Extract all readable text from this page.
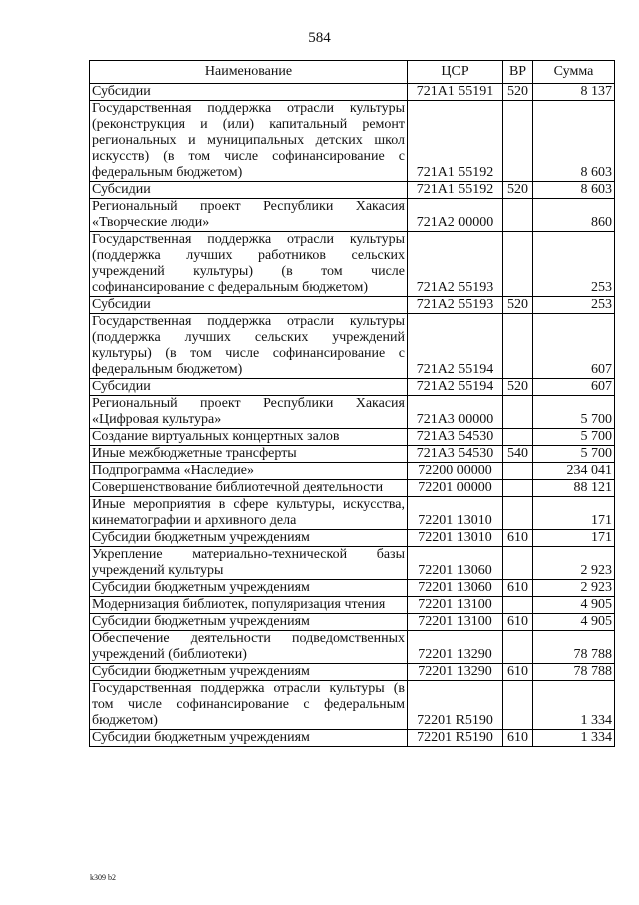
584
Наименование	ЦСР	ВР	Сумма
Субсидии	721A1 55191	520	8 137
Государственная поддержка отрасли культуры (реконструкция и (или) капитальный ремонт региональных и муниципальных детских школ искусств) (в том числе софинансирование с федеральным бюджетом)	721A1 55192		8 603
Субсидии	721A1 55192	520	8 603
Региональный проект Республики Хакасия «Творческие люди»	721A2 00000		860
Государственная поддержка отрасли культуры (поддержка лучших работников сельских учреждений культуры) (в том числе софинансирование с федеральным бюджетом)	721A2 55193		253
Субсидии	721A2 55193	520	253
Государственная поддержка отрасли культуры (поддержка лучших сельских учреждений культуры) (в том числе софинансирование с федеральным бюджетом)	721A2 55194		607
Субсидии	721A2 55194	520	607
Региональный проект Республики Хакасия «Цифровая культура»	721A3 00000		5 700
Создание виртуальных концертных залов	721A3 54530		5 700
Иные межбюджетные трансферты	721A3 54530	540	5 700
Подпрограмма «Наследие»	72200 00000		234 041
Совершенствование библиотечной деятельности	72201 00000		88 121
Иные мероприятия в сфере культуры, искусства, кинематографии и архивного дела	72201 13010		171
Субсидии бюджетным учреждениям	72201 13010	610	171
Укрепление материально-технической базы учреждений культуры	72201 13060		2 923
Субсидии бюджетным учреждениям	72201 13060	610	2 923
Модернизация библиотек, популяризация чтения	72201 13100		4 905
Субсидии бюджетным учреждениям	72201 13100	610	4 905
Обеспечение деятельности подведомственных учреждений (библиотеки)	72201 13290		78 788
Субсидии бюджетным учреждениям	72201 13290	610	78 788
Государственная поддержка отрасли культуры (в том числе софинансирование с федеральным бюджетом)	72201 R5190		1 334
Субсидии бюджетным учреждениям	72201 R5190	610	1 334
k309 b2
